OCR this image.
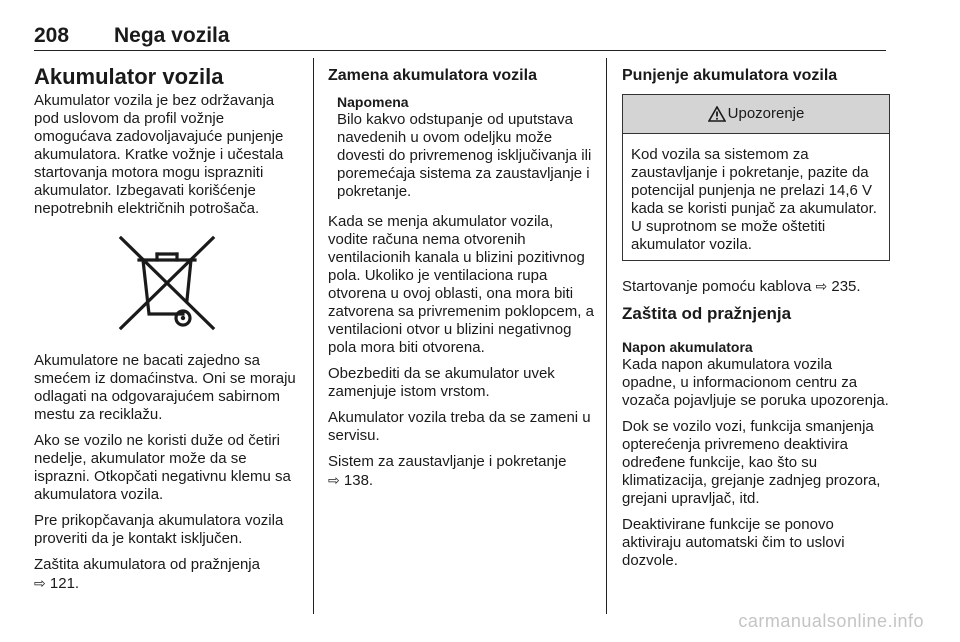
208 Nega vozila
Akumulator vozila

Akumulator vozila je bez održavanja pod uslovom da profil vožnje omogućava zadovoljavajuće punjenje akumulatora. Kratke vožnje i učestala startovanja motora mogu isprazniti akumulator. Izbegavati korišćenje nepotrebnih električnih potrošača.

Akumulatore ne bacati zajedno sa smećem iz domaćinstva. Oni se moraju odlagati na odgovarajućem sabirnom mestu za reciklažu.

Ako se vozilo ne koristi duže od četiri nedelje, akumulator može da se isprazni. Otkopčati negativnu klemu sa akumulatora vozila.

Pre prikopčavanja akumulatora vozila proveriti da je kontakt isključen.

Zaštita akumulatora od pražnjenja
⇨ 121.

Zamena akumulatora vozila
Napomena
Bilo kakvo odstupanje od uputstava navedenih u ovom odeljku može dovesti do privremenog isključivanja ili poremećaja sistema za zaustavljanje i pokretanje.

Kada se menja akumulator vozila, vodite računa nema otvorenih ventilacionih kanala u blizini pozitivnog pola. Ukoliko je ventilaciona rupa otvorena u ovoj oblasti, ona mora biti zatvorena sa privremenim poklopcem, a ventilacioni otvor u blizini negativnog pola mora biti otvorena.

Obezbediti da se akumulator uvek zamenjuje istom vrstom.

Akumulator vozila treba da se zameni u servisu.

Sistem za zaustavljanje i pokretanje
⇨ 138.

Punjenje akumulatora vozila
Upozorenje
Kod vozila sa sistemom za zaustavljanje i pokretanje, pazite da potencijal punjenja ne prelazi 14,6 V kada se koristi punjač za akumulator. U suprotnom se može oštetiti akumulator vozila.

Startovanje pomoću kablova ⇨ 235.

Zaštita od pražnjenja
Napon akumulatora

Kada napon akumulatora vozila opadne, u informacionom centru za vozača pojavljuje se poruka upozorenja.

Dok se vozilo vozi, funkcija smanjenja opterećenja privremeno deaktivira određene funkcije, kao što su klimatizacija, grejanje zadnjeg prozora, grejani upravljač, itd.

Deaktivirane funkcije se ponovo aktiviraju automatski čim to uslovi dozvole.

carmanualsonline.info
